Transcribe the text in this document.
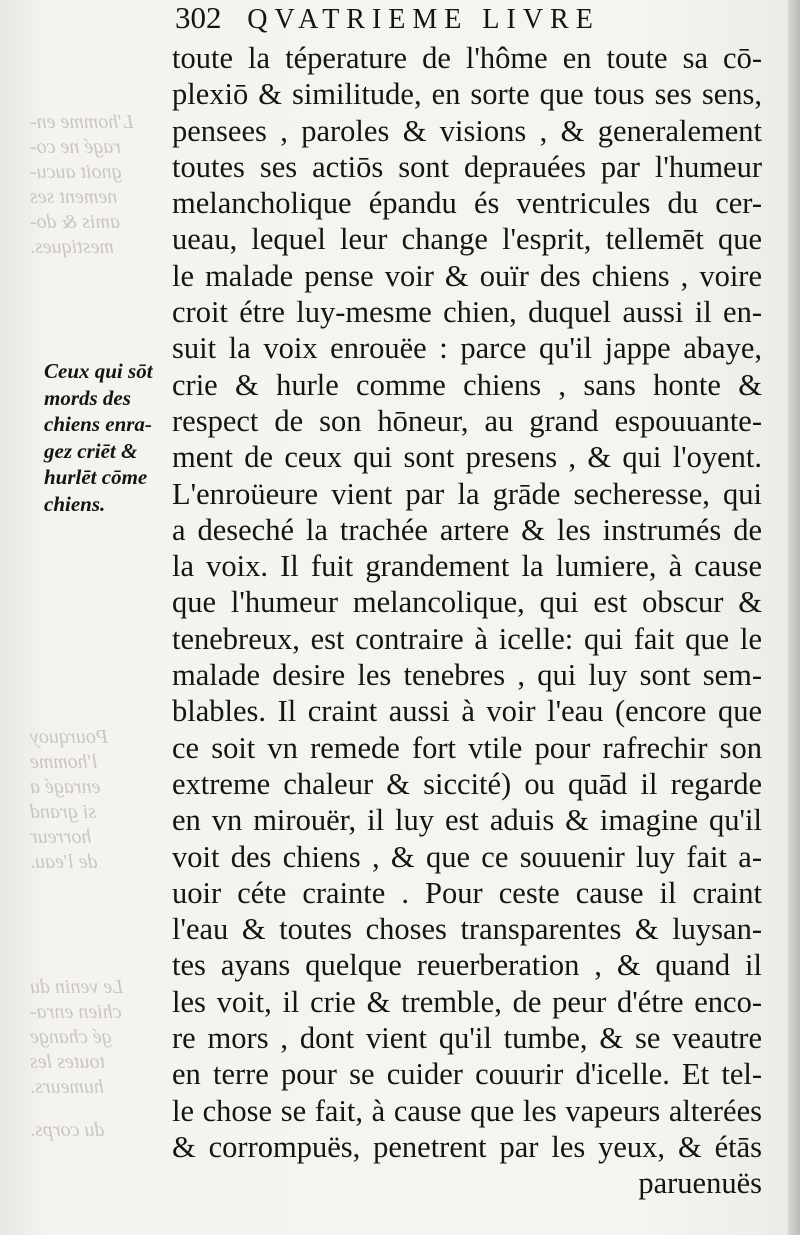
L'homme en-
ragé ne co-
gnoit aucu-
nement ses
amis & do-
mestiques.
Pourquoy
l'homme
enragé a
si grand
horreur
de l'eau.
Le venin du
chien enra-
gé change
toutes les
humeurs.
du corps.
302 QVATRIEME LIVRE
toute la téperature de l'hôme en toute sa cō-
plexiō & similitude, en sorte que tous ses sens,
pensees , paroles & visions , & generalement
toutes ses actiōs sont deprauées par l'humeur
melancholique épandu és ventricules du cer-
ueau, lequel leur change l'esprit, tellemēt que
le malade pense voir & ouïr des chiens , voire
croit étre luy-mesme chien, duquel aussi il en-
suit la voix enrouëe : parce qu'il jappe abaye,
crie & hurle comme chiens , sans honte &
respect de son hōneur, au grand espouuante-
ment de ceux qui sont presens , & qui l'oyent.
L'enroüeure vient par la grāde secheresse, qui
a deseché la trachée artere & les instrumés de
la voix. Il fuit grandement la lumiere, à cause
que l'humeur melancolique, qui est obscur &
tenebreux, est contraire à icelle: qui fait que le
malade desire les tenebres , qui luy sont sem-
blables. Il craint aussi à voir l'eau (encore que
ce soit vn remede fort vtile pour rafrechir son
extreme chaleur & siccité) ou quād il regarde
en vn mirouër, il luy est aduis & imagine qu'il
voit des chiens , & que ce souuenir luy fait a-
uoir céte crainte . Pour ceste cause il craint
l'eau & toutes choses transparentes & luysan-
tes ayans quelque reuerberation , & quand il
les voit, il crie & tremble, de peur d'étre enco-
re mors , dont vient qu'il tumbe, & se veautre
en terre pour se cuider couurir d'icelle. Et tel-
le chose se fait, à cause que les vapeurs alterées
& corrompuës, penetrent par les yeux, & étās
paruenuës
Ceux qui sōt
mords des
chiens enra-
gez criēt &
hurlēt cōme
chiens.
